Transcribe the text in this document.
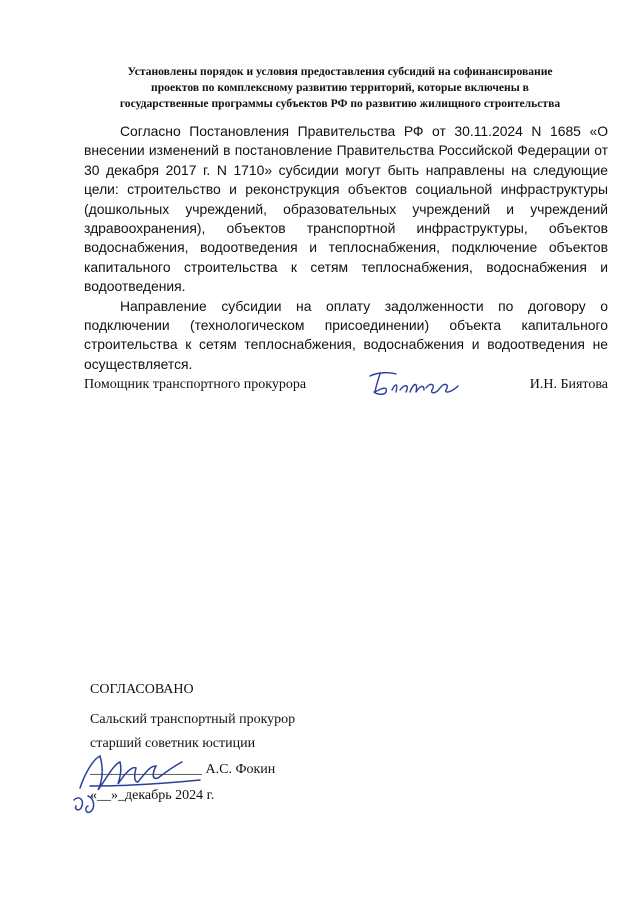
Установлены порядок и условия предоставления субсидий на софинансирование
проектов по комплексному развитию территорий, которые включены в
государственные программы субъектов РФ по развитию жилищного строительства

Согласно Постановления Правительства РФ от 30.11.2024 N 1685 «О внесении изменений в постановление Правительства Российской Федерации от 30 декабря 2017 г. N 1710» субсидии могут быть направлены на следующие цели: строительство и реконструкция объектов социальной инфраструктуры (дошкольных учреждений, образовательных учреждений и учреждений здравоохранения), объектов транспортной инфраструктуры, объектов водоснабжения, водоотведения и теплоснабжения, подключение объектов капитального строительства к сетям теплоснабжения, водоснабжения и водоотведения.

Направление субсидии на оплату задолженности по договору о подключении (технологическом присоединении) объекта капитального строительства к сетям теплоснабжения, водоснабжения и водоотведения не осуществляется.

Помощник транспортного прокурора	И.Н. Биятова
СОГЛАСОВАНО
Сальский транспортный прокурор
старший советник юстиции
________________ А.С. Фокин
«__»_декабрь 2024 г.
